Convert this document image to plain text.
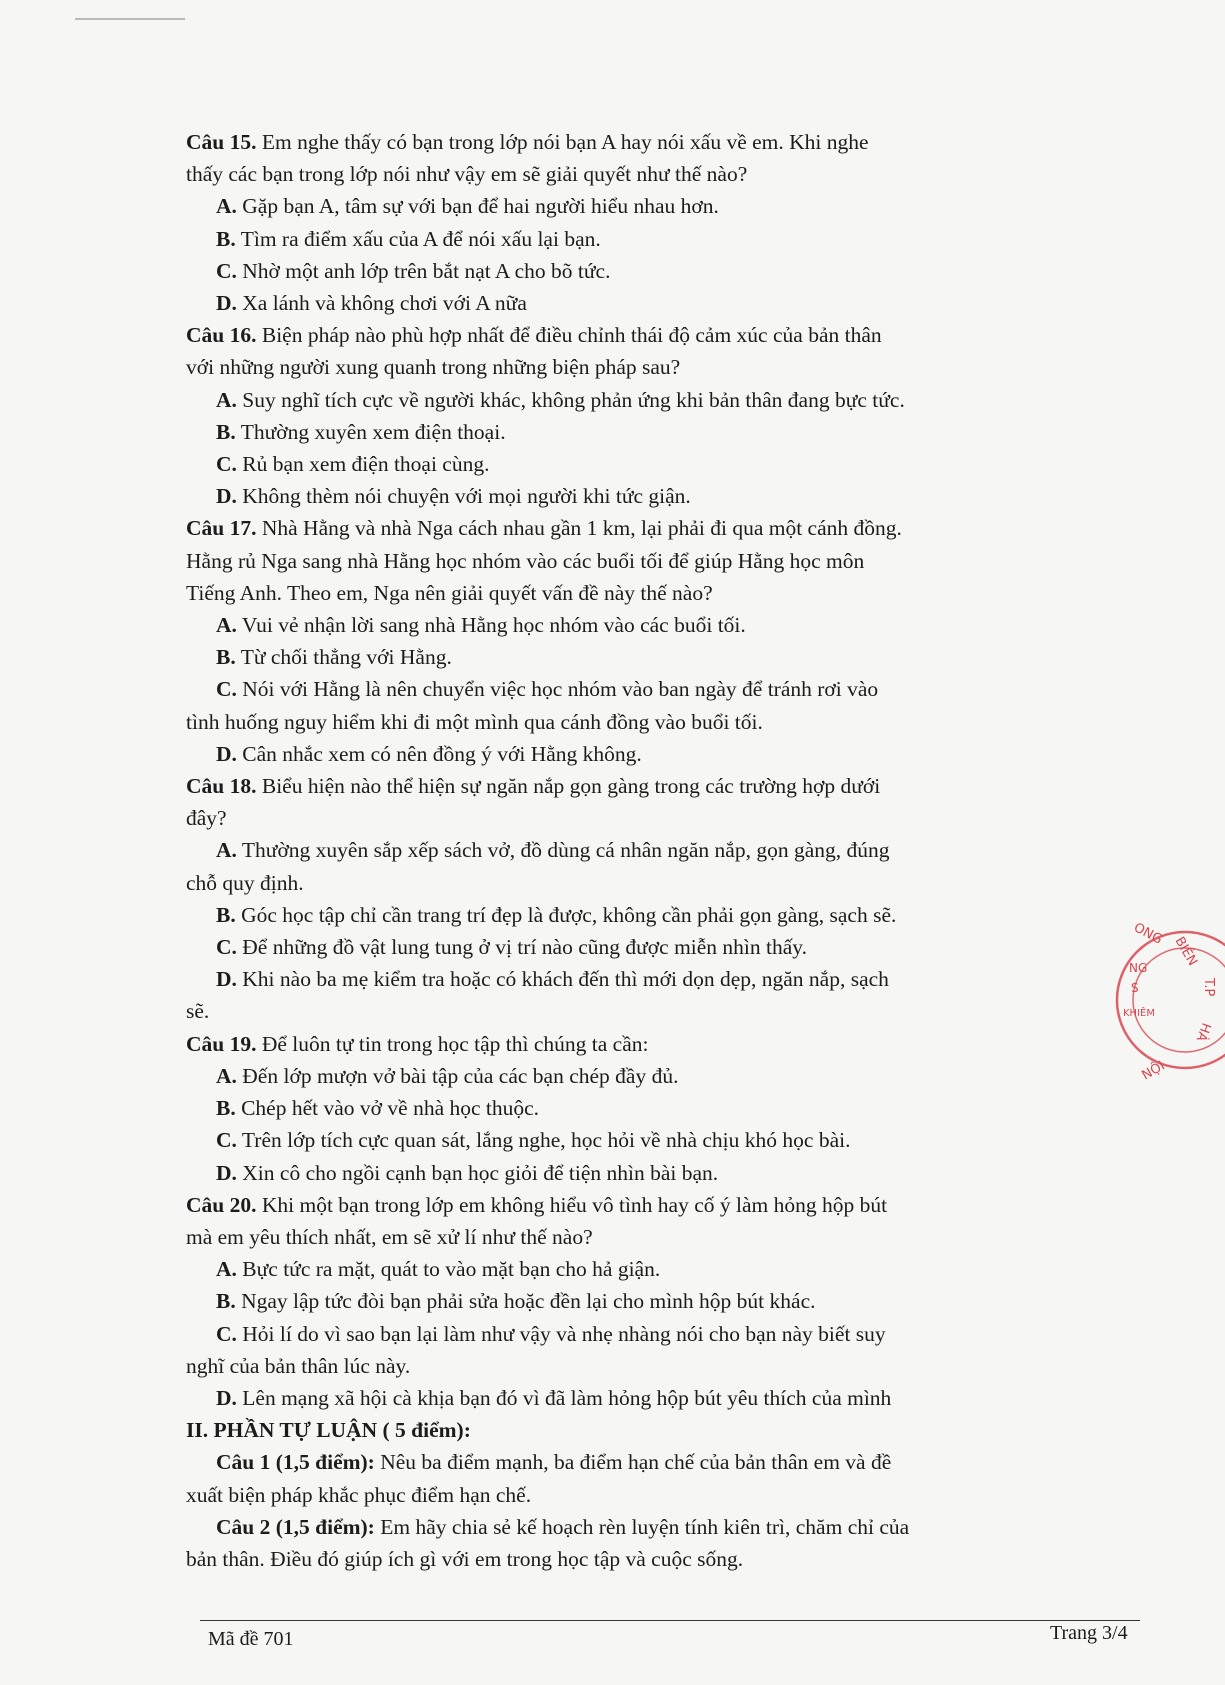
Câu 15. Em nghe thấy có bạn trong lớp nói bạn A hay nói xấu về em. Khi nghe

thấy các bạn trong lớp nói như vậy em sẽ giải quyết như thế nào?

A. Gặp bạn A, tâm sự với bạn để hai người hiểu nhau hơn.

B. Tìm ra điểm xấu của A để nói xấu lại bạn.

C. Nhờ một anh lớp trên bắt nạt A cho bõ tức.

D. Xa lánh và không chơi với A nữa

Câu 16. Biện pháp nào phù hợp nhất để điều chỉnh thái độ cảm xúc của bản thân

với những người xung quanh trong những biện pháp sau?

A. Suy nghĩ tích cực về người khác, không phản ứng khi bản thân đang bực tức.

B. Thường xuyên xem điện thoại.

C. Rủ bạn xem điện thoại cùng.

D. Không thèm nói chuyện với mọi người khi tức giận.

Câu 17. Nhà Hằng và nhà Nga cách nhau gần 1 km, lại phải đi qua một cánh đồng.

Hằng rủ Nga sang nhà Hằng học nhóm vào các buổi tối để giúp Hằng học môn

Tiếng Anh. Theo em, Nga nên giải quyết vấn đề này thế nào?

A. Vui vẻ nhận lời sang nhà Hằng học nhóm vào các buổi tối.

B. Từ chối thẳng với Hằng.

C. Nói với Hằng là nên chuyển việc học nhóm vào ban ngày để tránh rơi vào

tình huống nguy hiểm khi đi một mình qua cánh đồng vào buổi tối.

D. Cân nhắc xem có nên đồng ý với Hằng không.

Câu 18. Biểu hiện nào thể hiện sự ngăn nắp gọn gàng trong các trường hợp dưới

đây?

A. Thường xuyên sắp xếp sách vở, đồ dùng cá nhân ngăn nắp, gọn gàng, đúng

chỗ quy định.

B. Góc học tập chỉ cần trang trí đẹp là được, không cần phải gọn gàng, sạch sẽ.

C. Để những đồ vật lung tung ở vị trí nào cũng được miễn nhìn thấy.

D. Khi nào ba mẹ kiểm tra hoặc có khách đến thì mới dọn dẹp, ngăn nắp, sạch

sẽ.

Câu 19. Để luôn tự tin trong học tập thì chúng ta cần:

A. Đến lớp mượn vở bài tập của các bạn chép đầy đủ.

B. Chép hết vào vở về nhà học thuộc.

C. Trên lớp tích cực quan sát, lắng nghe, học hỏi về nhà chịu khó học bài.

D. Xin cô cho ngồi cạnh bạn học giỏi để tiện nhìn bài bạn.

Câu 20. Khi một bạn trong lớp em không hiểu vô tình hay cố ý làm hỏng hộp bút

mà em yêu thích nhất, em sẽ xử lí như thế nào?

A. Bực tức ra mặt, quát to vào mặt bạn cho hả giận.

B. Ngay lập tức đòi bạn phải sửa hoặc đền lại cho mình hộp bút khác.

C. Hỏi lí do vì sao bạn lại làm như vậy và nhẹ nhàng nói cho bạn này biết suy

nghĩ của bản thân lúc này.

D. Lên mạng xã hội cà khịa bạn đó vì đã làm hỏng hộp bút yêu thích của mình

II. PHẦN TỰ LUẬN ( 5 điểm):

Câu 1 (1,5 điểm): Nêu ba điểm mạnh, ba điểm hạn chế của bản thân em và đề

xuất biện pháp khắc phục điểm hạn chế.

Câu 2 (1,5 điểm): Em hãy chia sẻ kế hoạch rèn luyện tính kiên trì, chăm chỉ của

bản thân. Điều đó giúp ích gì với em trong học tập và cuộc sống.

Mã đề 701	Trang 3/4
ONG
BIÊN
T.P
HÀ
NỘI
NG
S
KHIÊM
